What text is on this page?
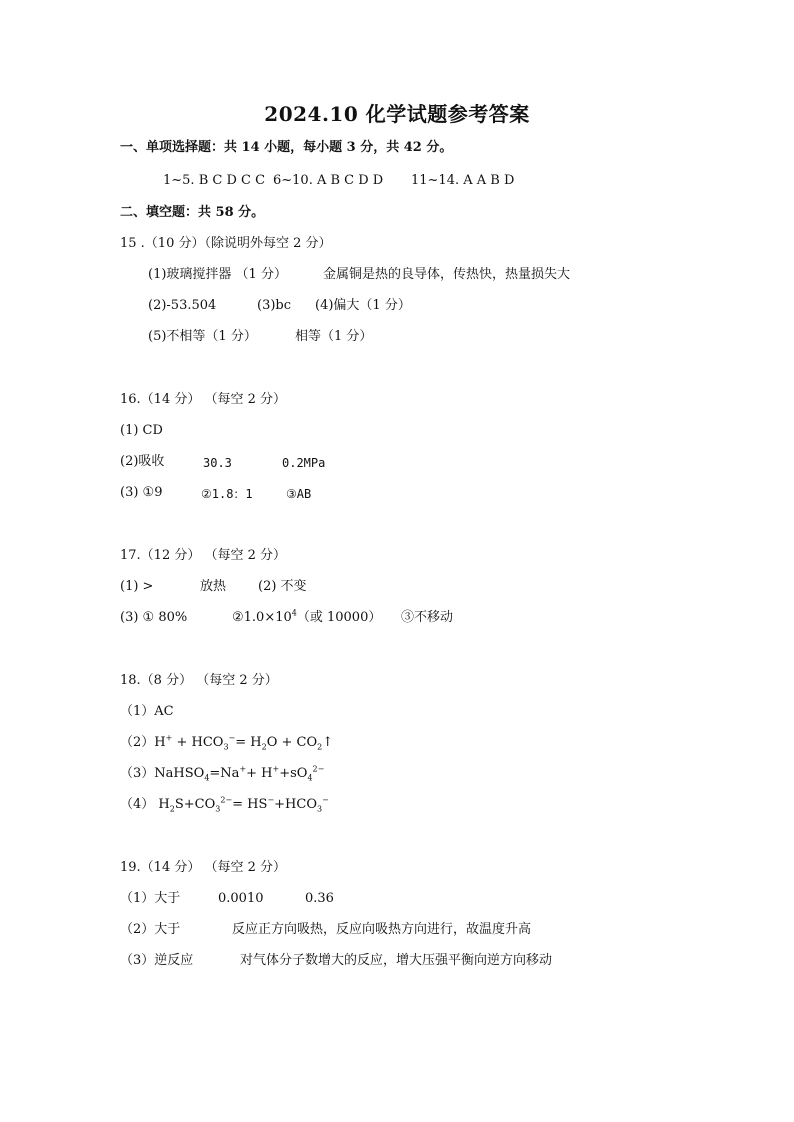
2024.10 化学试题参考答案
一、单项选择题：共 14 小题，每小题 3 分，共 42 分。
1~5. B C D C C 6~10. A B C D D 11~14. A A B D
二、填空题：共 58 分。
15 .（10 分）（除说明外每空 2 分）
(1)玻璃搅拌器 （1 分）	金属铜是热的良导体，传热快，热量损失大
(2)-53.504	(3)bc (4)偏大（1 分）
(5)不相等（1 分）	相等（1 分）
16.（14 分） （每空 2 分）
(1) CD
(2)吸收	30.3	0.2MPa
(3) ①9	②1.8：1	③AB
17.（12 分） （每空 2 分）
(1) >	放热 (2) 不变
(3) ① 80%	$②1.0\times 10^4$（或 10000） ③不移动
18.（8 分） （每空 2 分）
（1）AC
$(2)H^+ + HCO_3^-= H_2O$ + $CO_2↑$
（3）NaHSO$_4$=Na++ $H^++sO_4^{2-}$
（4） $H_2S+CO_3^{2-}= HS^-+HCO_3^-$
19.（14 分） （每空 2 分）
（1）大于	0.0010	0.36
（2）大于	反应正方向吸热，反应向吸热方向进行，故温度升高
（3）逆反应	对气体分子数增大的反应，增大压强平衡向逆方向移动
